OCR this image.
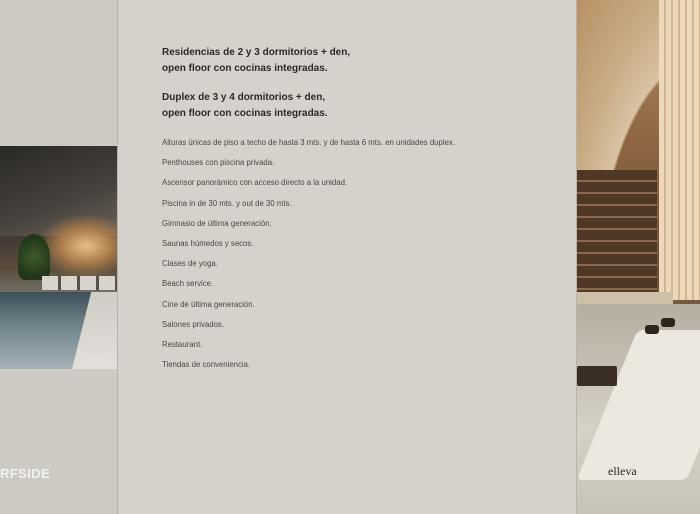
Imagen Ilustrativa
RFSIDE
Residencias de 2 y 3 dormitorios + den,
open floor con cocinas integradas.
Duplex de 3 y 4 dormitorios + den,
open floor con cocinas integradas.
Alturas únicas de piso a techo de hasta 3 mts. y de hasta 6 mts. en unidades duplex.
Penthouses con piscina privada.
Ascensor panorámico con acceso directo a la unidad.
Piscina in de 30 mts. y out de 30 mts.
Gimnasio de última generación.
Saunas húmedos y secos.
Clases de yoga.
Beach service.
Cine de última generación.
Salones privados.
Restaurant.
Tiendas de conveniencia.
elleva
